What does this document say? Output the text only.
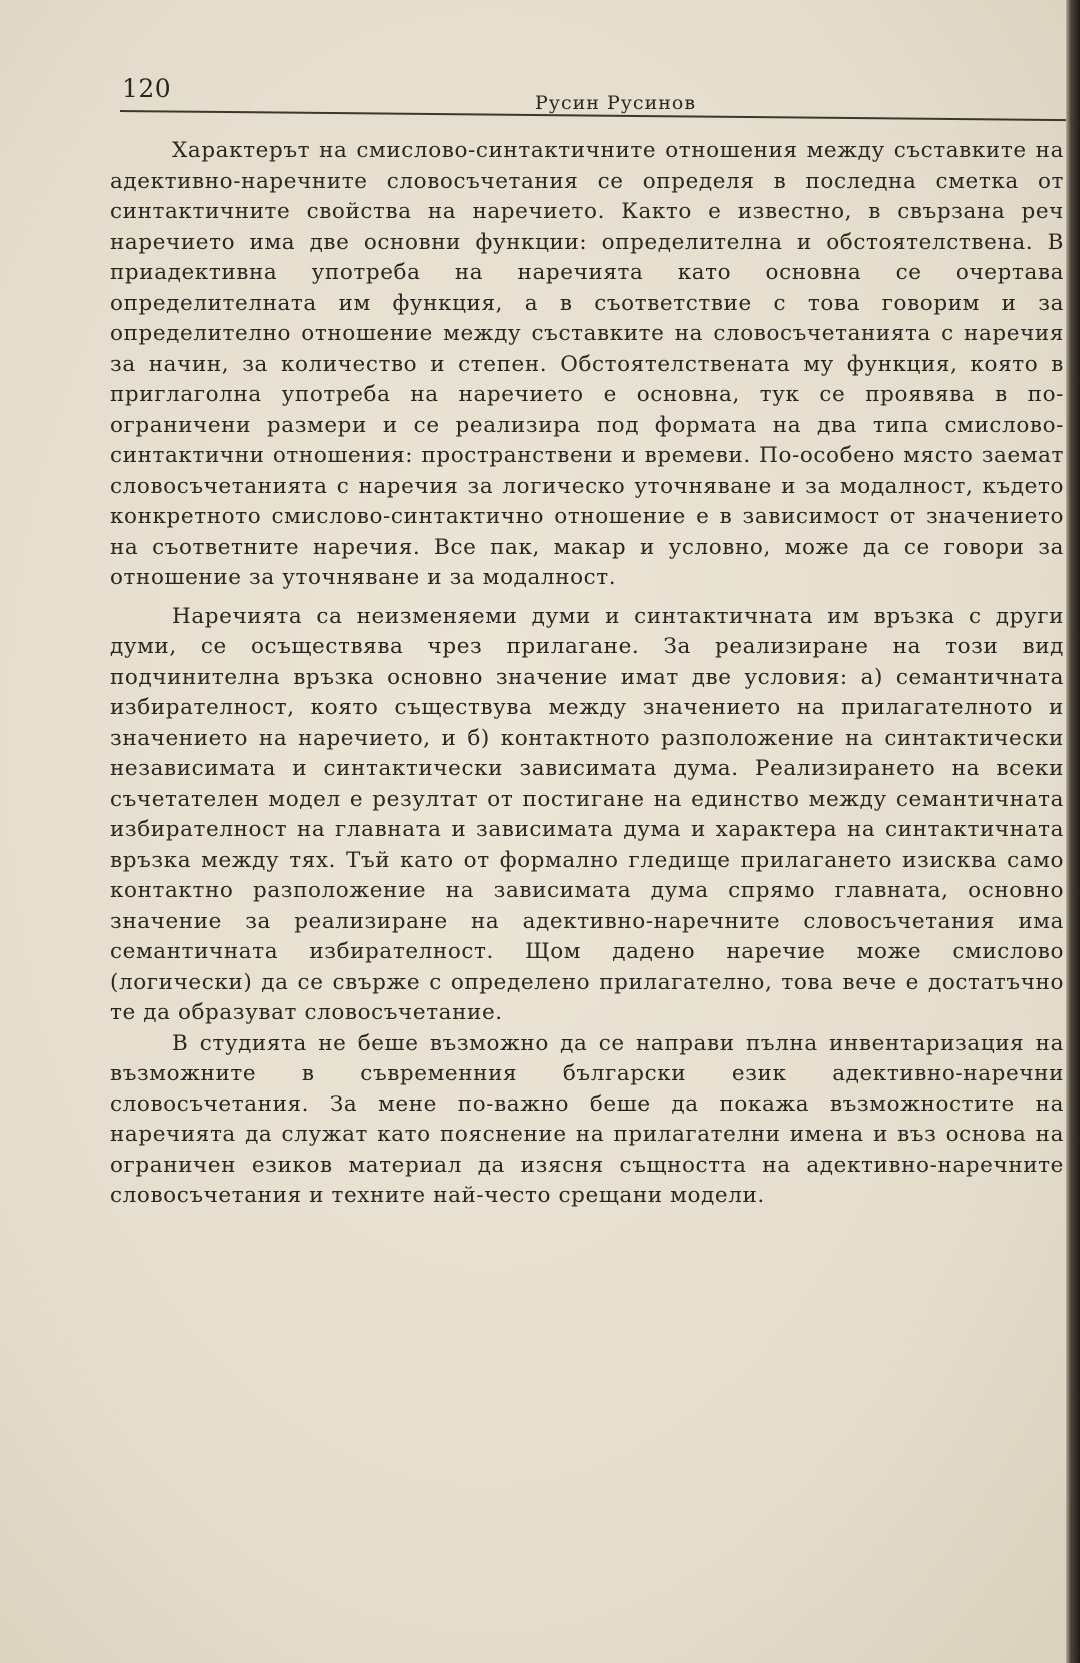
120	Русин Русинов

Характерът на смислово-синтактичните отношения между съставките на адективно-наречните словосъчетания се определя в последна сметка от синтактичните свойства на наречието. Както е известно, в свързана реч наречието има две основни функции: определителна и обстоятелствена. В приадективна употреба на наречията като основна се очертава определителната им функция, а в съответствие с това говорим и за определително отношение между съставките на словосъчетанията с наречия за начин, за количество и степен. Обстоятелствената му функция, която в приглаголна употреба на наречието е основна, тук се проявява в по-ограничени размери и се реализира под формата на два типа смислово-синтактични отношения: пространствени и времеви. По-особено място заемат словосъчетанията с наречия за логическо уточняване и за модалност, където конкретното смислово-синтактично отношение е в зависимост от значението на съответните наречия. Все пак, макар и условно, може да се говори за отношение за уточняване и за модалност.

Наречията са неизменяеми думи и синтактичната им връзка с други думи, се осъществява чрез прилагане. За реализиране на този вид подчинителна връзка основно значение имат две условия: а) семантичната избирателност, която съществува между значението на прилагателното и значението на наречието, и б) контактното разположение на синтактически независимата и синтактически зависимата дума. Реализирането на всеки съчетателен модел е резултат от постигане на единство между семантичната избирателност на главната и зависимата дума и характера на синтактичната връзка между тях. Тъй като от формално гледище прилагането изисква само контактно разположение на зависимата дума спрямо главната, основно значение за реализиране на адективно-наречните словосъчетания има семантичната избирателност. Щом дадено наречие може смислово (логически) да се свърже с определено прилагателно, това вече е достатъчно те да образуват словосъчетание.

В студията не беше възможно да се направи пълна инвентаризация на възможните в съвременния български език адективно-наречни словосъчетания. За мене по-важно беше да покажа възможностите на наречията да служат като пояснение на прилагателни имена и въз основа на ограничен езиков материал да изясня същността на адективно-наречните словосъчетания и техните най-често срещани модели.
